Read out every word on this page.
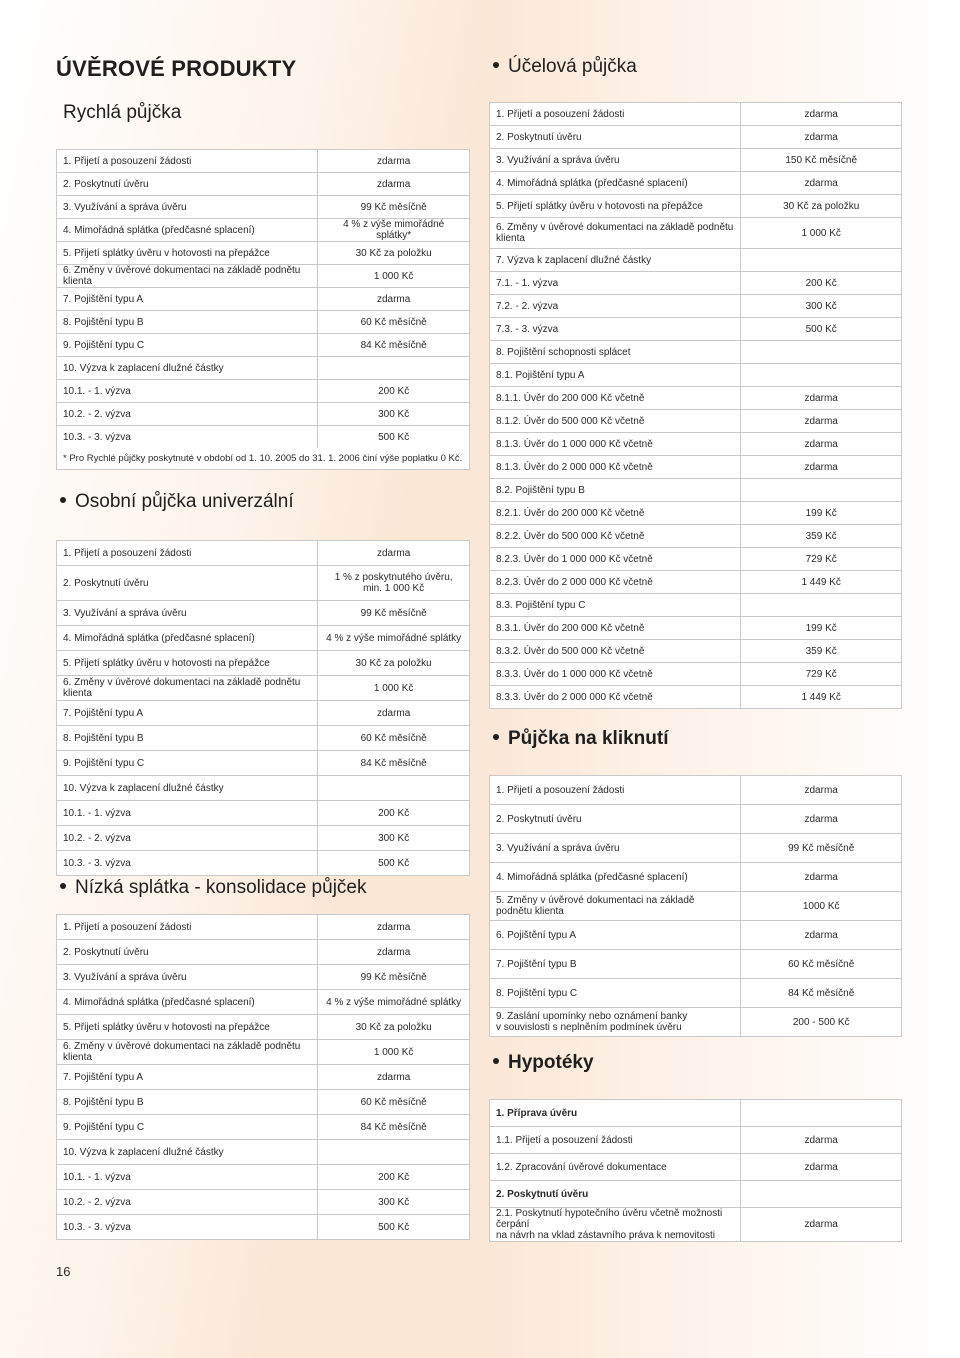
ÚVĚROVÉ PRODUKTY
Rychlá půjčka
1. Přijetí a posouzení žádosti	zdarma
2. Poskytnutí úvěru	zdarma
3. Využívání a správa úvěru	99 Kč měsíčně
4. Mimořádná splátka (předčasné splacení)	4 % z výše mimořádné splátky*
5. Přijetí splátky úvěru v hotovosti na přepážce	30 Kč za položku
6. Změny v úvěrové dokumentaci na základě podnětu klienta	1 000 Kč
7. Pojištění typu A	zdarma
8. Pojištění typu B	60 Kč měsíčně
9. Pojištění typu C	84 Kč měsíčně
10. Výzva k zaplacení dlužné částky	
10.1. - 1. výzva	200 Kč
10.2. - 2. výzva	300 Kč
10.3. - 3. výzva	500 Kč
* Pro Rychlé půjčky poskytnuté v období od 1. 10. 2005 do 31. 1. 2006 činí výše poplatku 0 Kč.
Osobní půjčka univerzální
1. Přijetí a posouzení žádosti	zdarma
2. Poskytnutí úvěru	1 % z poskytnutého úvěru,
min. 1 000 Kč
3. Využívání a správa úvěru	99 Kč měsíčně
4. Mimořádná splátka (předčasné splacení)	4 % z výše mimořádné splátky
5. Přijetí splátky úvěru v hotovosti na přepážce	30 Kč za položku
6. Změny v úvěrové dokumentaci na základě podnětu klienta	1 000 Kč
7. Pojištění typu A	zdarma
8. Pojištění typu B	60 Kč měsíčně
9. Pojištění typu C	84 Kč měsíčně
10. Výzva k zaplacení dlužné částky	
10.1. - 1. výzva	200 Kč
10.2. - 2. výzva	300 Kč
10.3. - 3. výzva	500 Kč
Nízká splátka - konsolidace půjček
1. Přijetí a posouzení žádosti	zdarma
2. Poskytnutí úvěru	zdarma
3. Využívání a správa úvěru	99 Kč měsíčně
4. Mimořádná splátka (předčasné splacení)	4 % z výše mimořádné splátky
5. Přijetí splátky úvěru v hotovosti na přepážce	30 Kč za položku
6. Změny v úvěrové dokumentaci na základě podnětu klienta	1 000 Kč
7. Pojištění typu A	zdarma
8. Pojištění typu B	60 Kč měsíčně
9. Pojištění typu C	84 Kč měsíčně
10. Výzva k zaplacení dlužné částky	
10.1. - 1. výzva	200 Kč
10.2. - 2. výzva	300 Kč
10.3. - 3. výzva	500 Kč
16
Účelová půjčka
1. Přijetí a posouzení žádosti	zdarma
2. Poskytnutí úvěru	zdarma
3. Využívání a správa úvěru	150 Kč měsíčně
4. Mimořádná splátka (předčasné splacení)	zdarma
5. Přijetí splátky úvěru v hotovosti na přepážce	30 Kč za položku
6. Změny v úvěrové dokumentaci na základě podnětu
klienta	1 000 Kč
7. Výzva k zaplacení dlužné částky	
7.1. - 1. výzva	200 Kč
7.2. - 2. výzva	300 Kč
7.3. - 3. výzva	500 Kč
8. Pojištění schopnosti splácet	
8.1. Pojištění typu A	
8.1.1. Úvěr do 200 000 Kč včetně	zdarma
8.1.2. Úvěr do 500 000 Kč včetně	zdarma
8.1.3. Úvěr do 1 000 000 Kč včetně	zdarma
8.1.3. Úvěr do 2 000 000 Kč včetně	zdarma
8.2. Pojištění typu B	
8.2.1. Úvěr do 200 000 Kč včetně	199 Kč
8.2.2. Úvěr do 500 000 Kč včetně	359 Kč
8.2.3. Úvěr do 1 000 000 Kč včetně	729 Kč
8.2.3. Úvěr do 2 000 000 Kč včetně	1 449 Kč
8.3. Pojištění typu C	
8.3.1. Úvěr do 200 000 Kč včetně	199 Kč
8.3.2. Úvěr do 500 000 Kč včetně	359 Kč
8.3.3. Úvěr do 1 000 000 Kč včetně	729 Kč
8.3.3. Úvěr do 2 000 000 Kč včetně	1 449 Kč
Půjčka na kliknutí
1. Přijetí a posouzení žádosti	zdarma
2. Poskytnutí úvěru	zdarma
3. Využívání a správa úvěru	99 Kč měsíčně
4. Mimořádná splátka (předčasné splacení)	zdarma
5. Změny v úvěrové dokumentaci na základě
podnětu klienta	1000 Kč
6. Pojištění typu A	zdarma
7. Pojištění typu B	60 Kč měsíčně
8. Pojištění typu C	84 Kč měsíčně
9. Zaslání upomínky nebo oznámení banky
v souvislosti s neplněním podmínek úvěru	200 - 500 Kč
Hypotéky
1. Příprava úvěru	
1.1. Přijetí a posouzení žádosti	zdarma
1.2. Zpracování úvěrové dokumentace	zdarma
2. Poskytnutí úvěru	
2.1. Poskytnutí hypotečního úvěru včetně možnosti čerpání
na návrh na vklad zástavního práva k nemovitosti	zdarma
